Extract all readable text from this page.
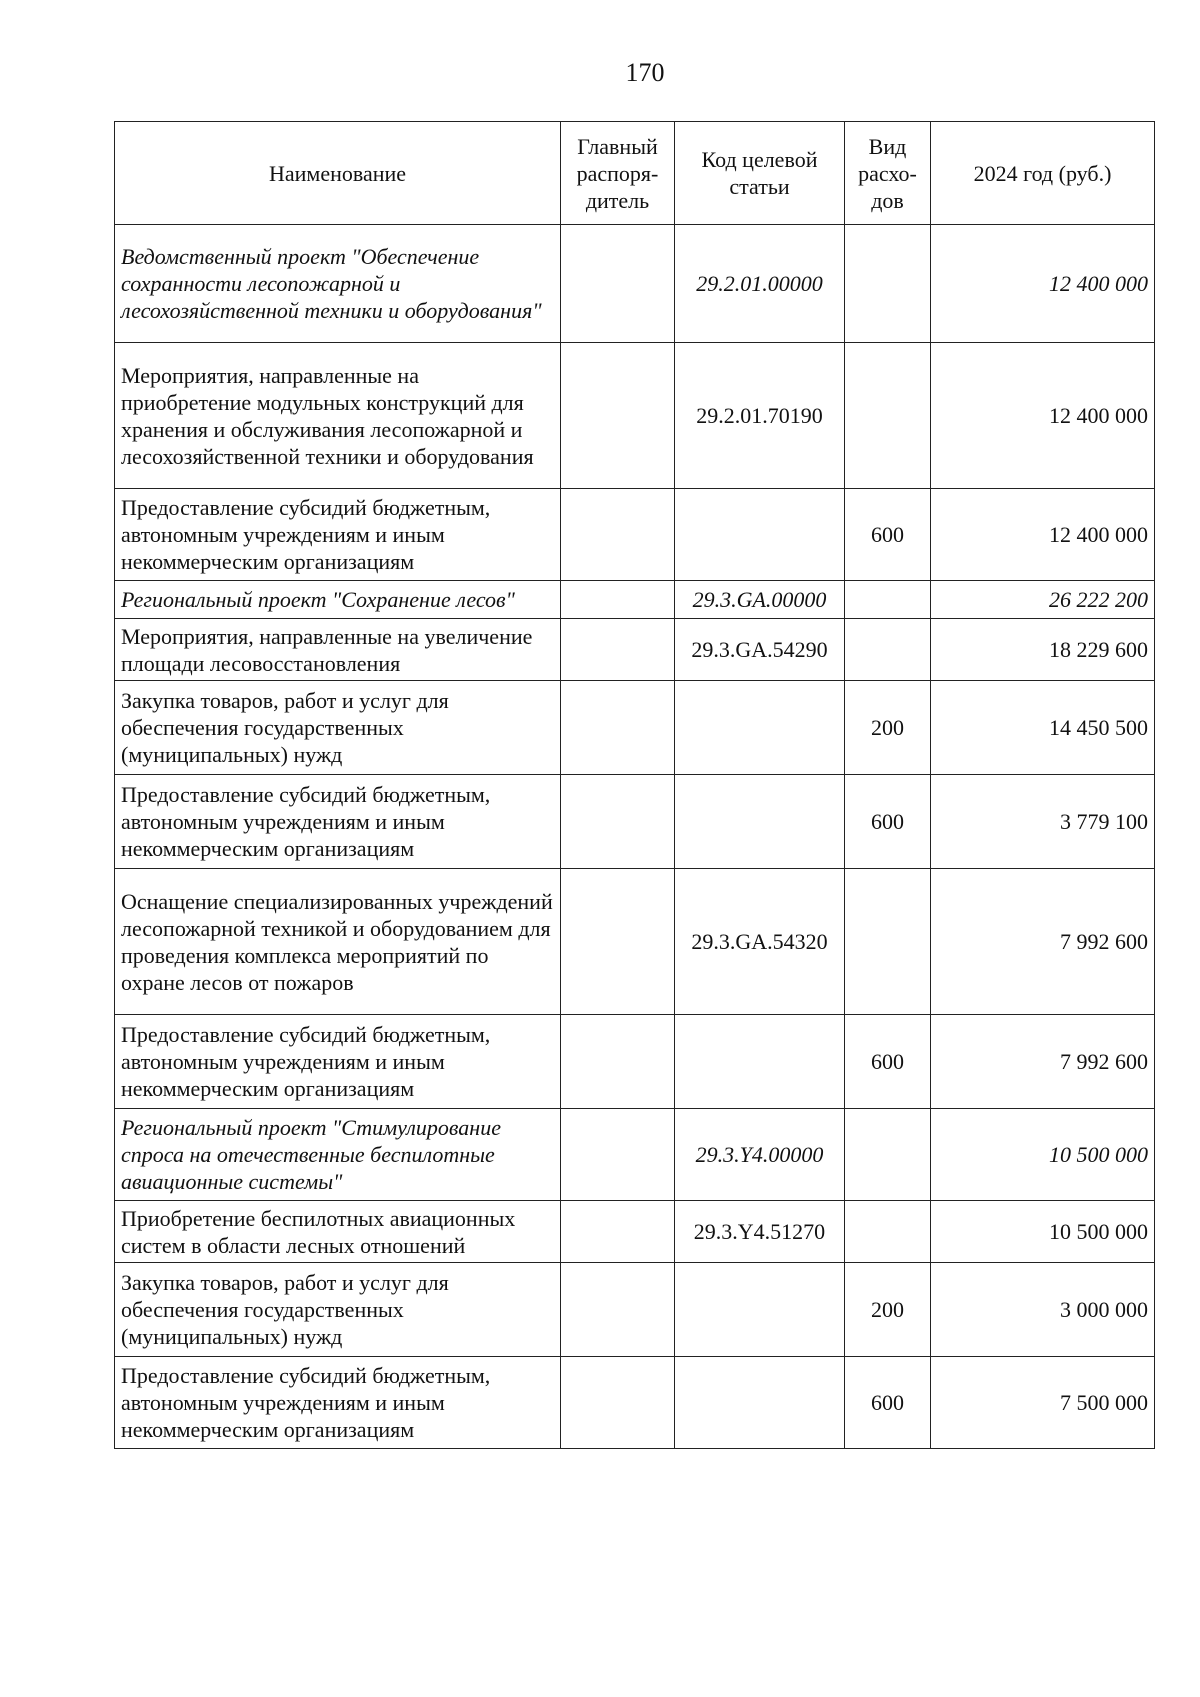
170
Наименование	Главный распоря-дитель	Код целевой статьи	Вид расхо-дов	2024 год (руб.)
Ведомственный проект "Обеспечение сохранности лесопожарной и лесохозяйственной техники и оборудования"		29.2.01.00000		12 400 000
Мероприятия, направленные на приобретение модульных конструкций для хранения и обслуживания лесопожарной и лесохозяйственной техники и оборудования		29.2.01.70190		12 400 000
Предоставление субсидий бюджетным, автономным учреждениям и иным некоммерческим организациям			600	12 400 000
Региональный проект "Сохранение лесов"		29.3.GA.00000		26 222 200
Мероприятия, направленные на увеличение площади лесовосстановления		29.3.GA.54290		18 229 600
Закупка товаров, работ и услуг для обеспечения государственных (муниципальных) нужд			200	14 450 500
Предоставление субсидий бюджетным, автономным учреждениям и иным некоммерческим организациям			600	3 779 100
Оснащение специализированных учреждений лесопожарной техникой и оборудованием для проведения комплекса мероприятий по охране лесов от пожаров		29.3.GA.54320		7 992 600
Предоставление субсидий бюджетным, автономным учреждениям и иным некоммерческим организациям			600	7 992 600
Региональный проект "Стимулирование спроса на отечественные беспилотные авиационные системы"		29.3.Y4.00000		10 500 000
Приобретение беспилотных авиационных систем в области лесных отношений		29.3.Y4.51270		10 500 000
Закупка товаров, работ и услуг для обеспечения государственных (муниципальных) нужд			200	3 000 000
Предоставление субсидий бюджетным, автономным учреждениям и иным некоммерческим организациям			600	7 500 000
